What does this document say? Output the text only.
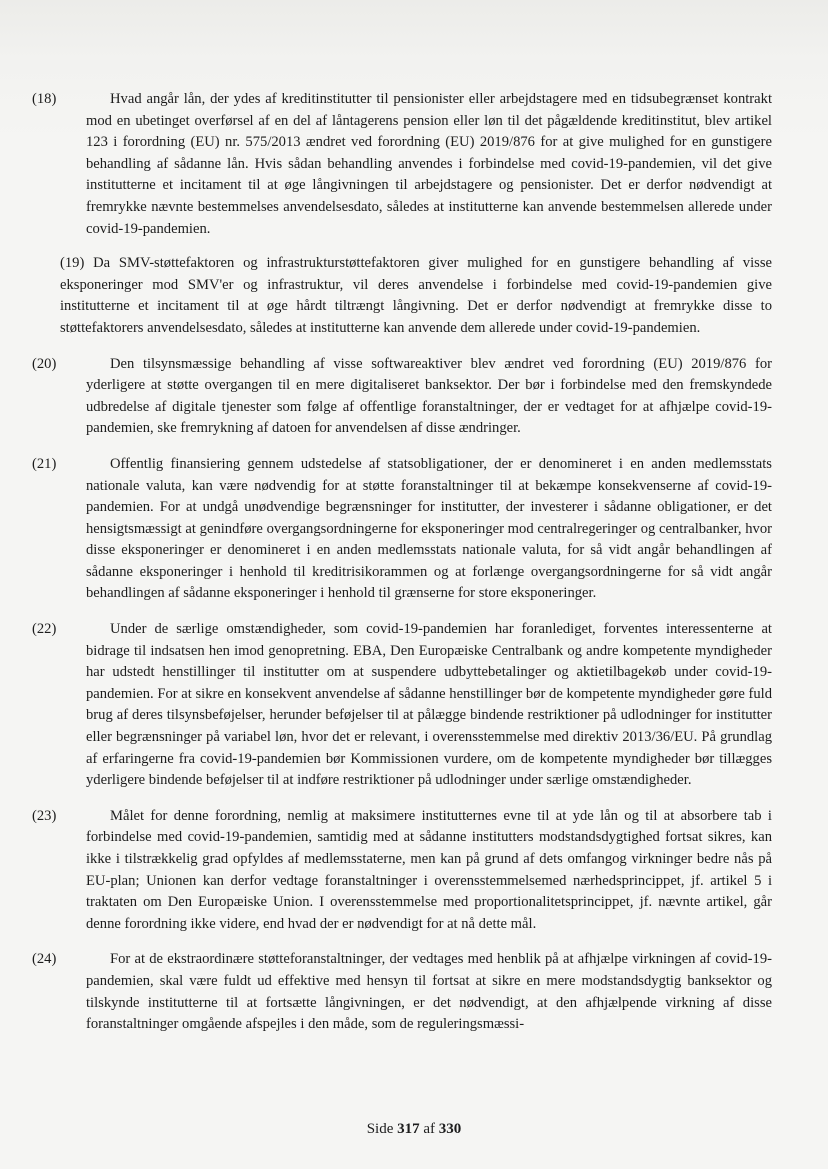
(18)	Hvad angår lån, der ydes af kreditinstitutter til pensionister eller arbejdstagere med en tidsubegrænset kontrakt mod en ubetinget overførsel af en del af låntagerens pension eller løn til det pågældende kreditinstitut, blev artikel 123 i forordning (EU) nr. 575/2013 ændret ved forordning (EU) 2019/876 for at give mulighed for en gunstigere behandling af sådanne lån. Hvis sådan behandling anvendes i forbindelse med covid-19-pandemien, vil det give institutterne et incitament til at øge långivningen til arbejdstagere og pensionister. Det er derfor nødvendigt at fremrykke nævnte bestemmelses anvendelsesdato, således at institutterne kan anvende bestemmelsen allerede under covid-19-pandemien.

(19) Da SMV-støttefaktoren og infrastrukturstøttefaktoren giver mulighed for en gunstigere behandling af visse eksponeringer mod SMV'er og infrastruktur, vil deres anvendelse i forbindelse med covid-19-pandemien give institutterne et incitament til at øge hårdt tiltrængt långivning. Det er derfor nødvendigt at fremrykke disse to støttefaktorers anvendelsesdato, således at institutterne kan anvende dem allerede under covid-19-pandemien.

(20)	Den tilsynsmæssige behandling af visse softwareaktiver blev ændret ved forordning (EU) 2019/876 for yderligere at støtte overgangen til en mere digitaliseret banksektor. Der bør i forbindelse med den fremskyndede udbredelse af digitale tjenester som følge af offentlige foranstaltninger, der er vedtaget for at afhjælpe covid-19-pandemien, ske fremrykning af datoen for anvendelsen af disse ændringer.

(21)	Offentlig finansiering gennem udstedelse af statsobligationer, der er denomineret i en anden medlemsstats nationale valuta, kan være nødvendig for at støtte foranstaltninger til at bekæmpe konsekvenserne af covid-19-pandemien. For at undgå unødvendige begrænsninger for institutter, der investerer i sådanne obligationer, er det hensigtsmæssigt at genindføre overgangsordningerne for eksponeringer mod centralregeringer og centralbanker, hvor disse eksponeringer er denomineret i en anden medlemsstats nationale valuta, for så vidt angår behandlingen af sådanne eksponeringer i henhold til kreditrisikorammen og at forlænge overgangsordningerne for så vidt angår behandlingen af sådanne eksponeringer i henhold til grænserne for store eksponeringer.

(22)	Under de særlige omstændigheder, som covid-19-pandemien har foranlediget, forventes interessenterne at bidrage til indsatsen hen imod genopretning. EBA, Den Europæiske Centralbank og andre kompetente myndigheder har udstedt henstillinger til institutter om at suspendere udbyttebetalinger og aktietilbagekøb under covid-19-pandemien. For at sikre en konsekvent anvendelse af sådanne henstillinger bør de kompetente myndigheder gøre fuld brug af deres tilsynsbeføjelser, herunder beføjelser til at pålægge bindende restriktioner på udlodninger for institutter eller begrænsninger på variabel løn, hvor det er relevant, i overensstemmelse med direktiv 2013/36/EU. På grundlag af erfaringerne fra covid-19-pandemien bør Kommissionen vurdere, om de kompetente myndigheder bør tillægges yderligere bindende beføjelser til at indføre restriktioner på udlodninger under særlige omstændigheder.

(23)	Målet for denne forordning, nemlig at maksimere institutternes evne til at yde lån og til at absorbere tab i forbindelse med covid-19-pandemien, samtidig med at sådanne institutters modstandsdygtighed fortsat sikres, kan ikke i tilstrækkelig grad opfyldes af medlemsstaterne, men kan på grund af dets omfangog virkninger bedre nås på EU-plan; Unionen kan derfor vedtage foranstaltninger i overensstemmelsemed nærhedsprincippet, jf. artikel 5 i traktaten om Den Europæiske Union. I overensstemmelse med proportionalitetsprincippet, jf. nævnte artikel, går denne forordning ikke videre, end hvad der er nødvendigt for at nå dette mål.

(24)	For at de ekstraordinære støtteforanstaltninger, der vedtages med henblik på at afhjælpe virkningen af covid-19-pandemien, skal være fuldt ud effektive med hensyn til fortsat at sikre en mere modstandsdygtig banksektor og tilskynde institutterne til at fortsætte långivningen, er det nødvendigt, at den afhjælpende virkning af disse foranstaltninger omgående afspejles i den måde, som de reguleringsmæssi-

Side 317 af 330
